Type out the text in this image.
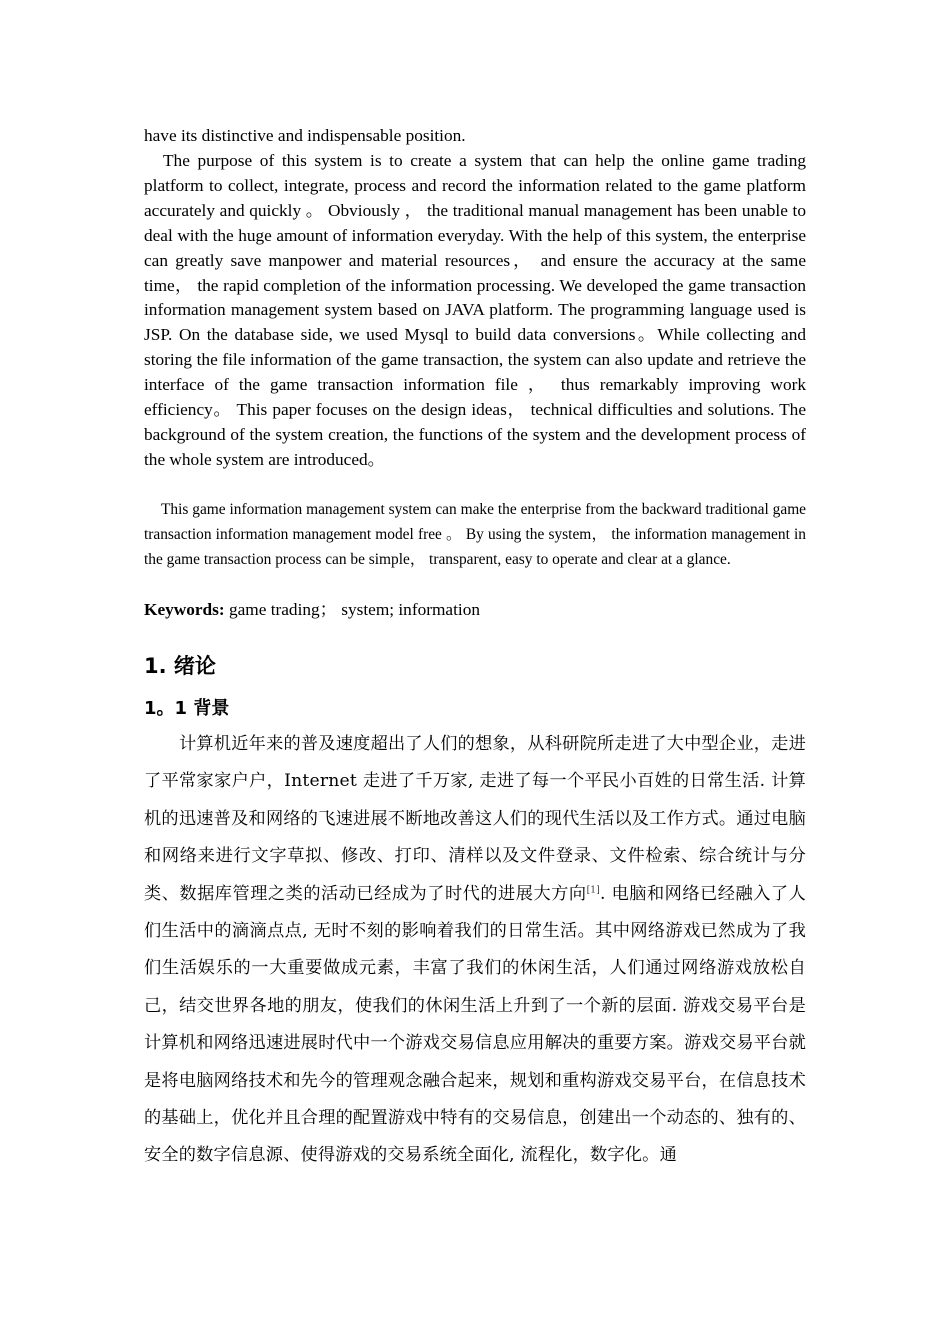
have its distinctive and indispensable position.

The purpose of this system is to create a system that can help the online game trading platform to collect, integrate, process and record the information related to the game platform accurately and quickly 。 Obviously ， the traditional manual management has been unable to deal with the huge amount of information everyday. With the help of this system, the enterprise can greatly save manpower and material resources， and ensure the accuracy at the same time， the rapid completion of the information processing. We developed the game transaction information management system based on JAVA platform. The programming language used is JSP. On the database side, we used Mysql to build data conversions。While collecting and storing the file information of the game transaction, the system can also update and retrieve the interface of the game transaction information file ， thus remarkably improving work efficiency。 This paper focuses on the design ideas， technical difficulties and solutions. The background of the system creation, the functions of the system and the development process of the whole system are introduced。

This game information management system can make the enterprise from the backward traditional game transaction information management model free 。 By using the system， the information management in the game transaction process can be simple， transparent, easy to operate and clear at a glance.

Keywords: game trading； system; information

1. 绪论
1。1 背景

计算机近年来的普及速度超出了人们的想象，从科研院所走进了大中型企业，走进了平常家家户户，Internet 走进了千万家, 走进了每一个平民小百姓的日常生活. 计算机的迅速普及和网络的飞速进展不断地改善这人们的现代生活以及工作方式。通过电脑和网络来进行文字草拟、修改、打印、清样以及文件登录、文件检索、综合统计与分类、数据库管理之类的活动已经成为了时代的进展大方向[1]. 电脑和网络已经融入了人们生活中的滴滴点点, 无时不刻的影响着我们的日常生活。其中网络游戏已然成为了我们生活娱乐的一大重要做成元素，丰富了我们的休闲生活，人们通过网络游戏放松自己，结交世界各地的朋友，使我们的休闲生活上升到了一个新的层面. 游戏交易平台是计算机和网络迅速进展时代中一个游戏交易信息应用解决的重要方案。游戏交易平台就是将电脑网络技术和先今的管理观念融合起来，规划和重构游戏交易平台，在信息技术的基础上，优化并且合理的配置游戏中特有的交易信息，创建出一个动态的、独有的、安全的数字信息源、使得游戏的交易系统全面化, 流程化，数字化。通
